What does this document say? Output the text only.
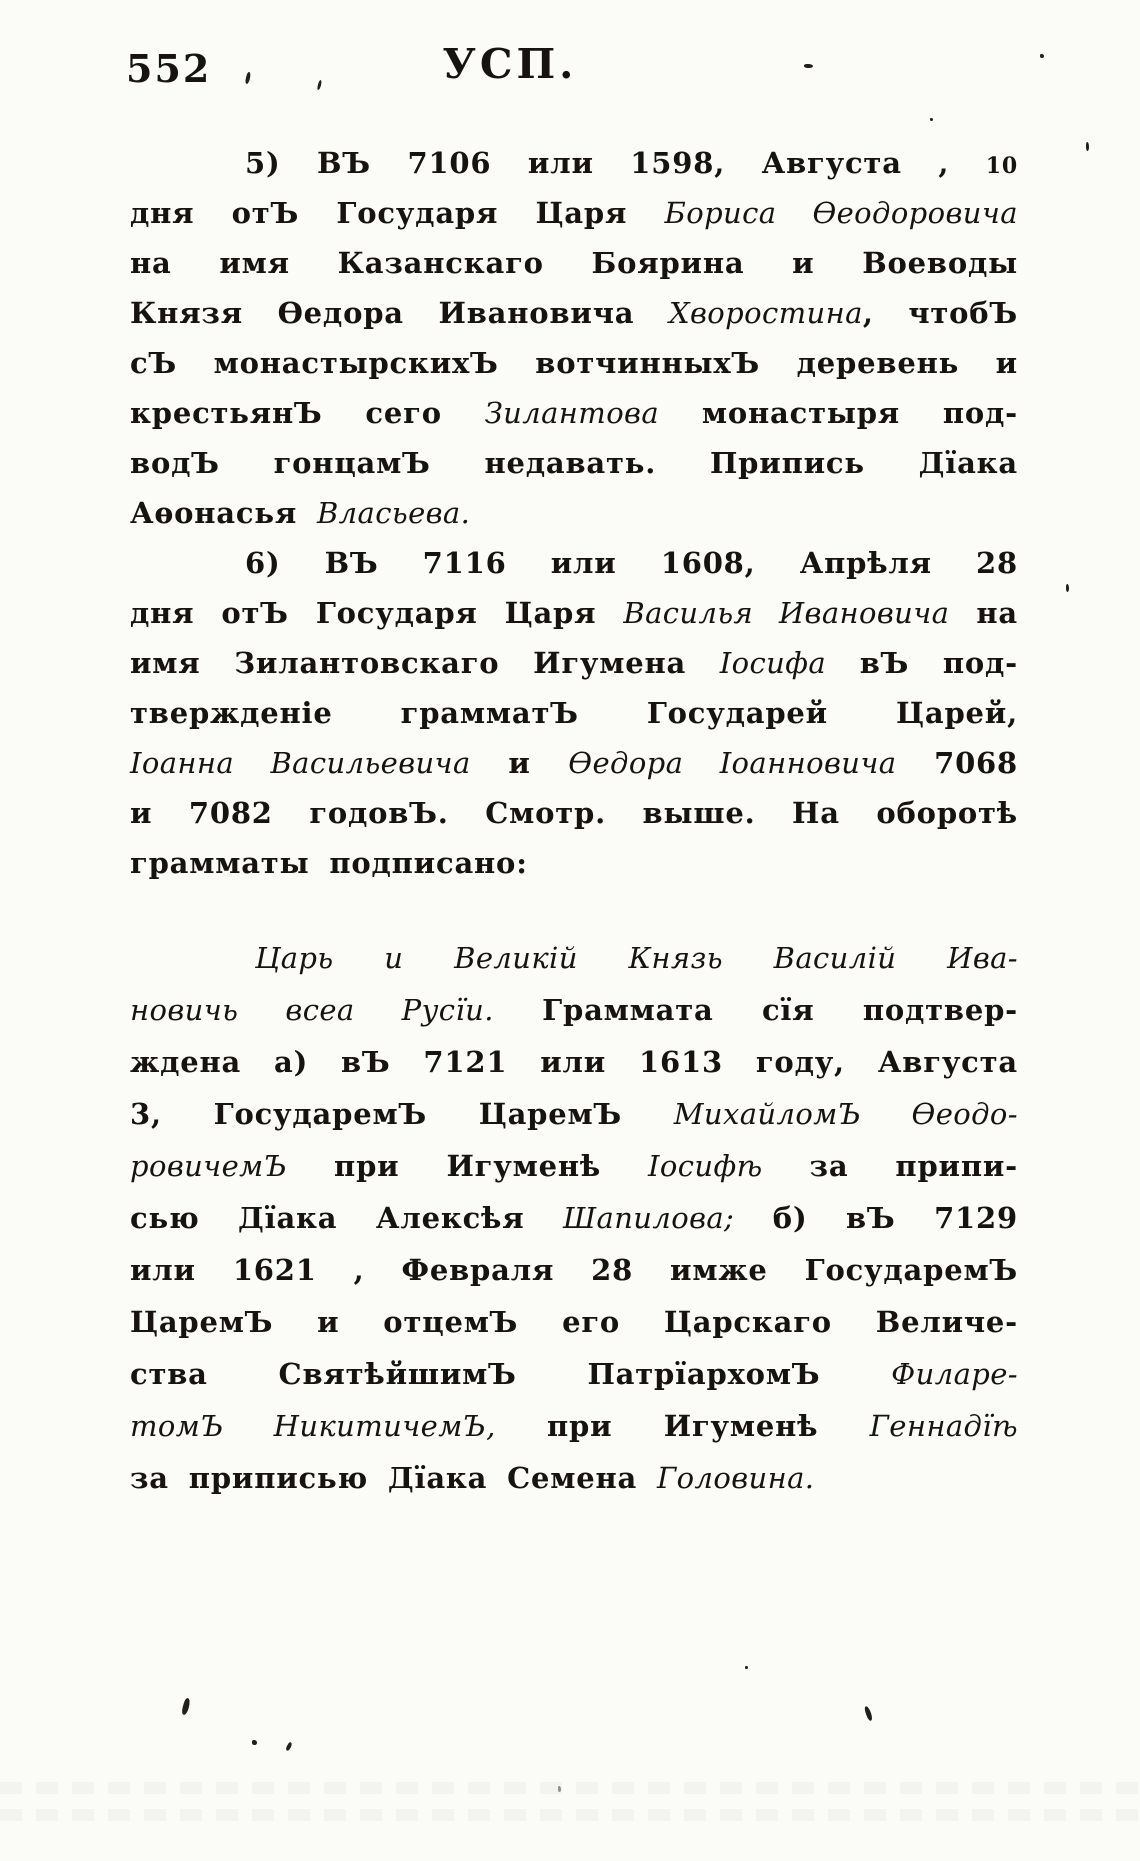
552	УСП.
5) ВЪ 7106 или 1598, Августа , 10
дня отЪ Государя Царя Бориса Ѳеодоровича
на имя Казанскаго Боярина и Воеводы
Князя Ѳедора Ивановича Хворостина, чтобЪ
сЪ монастырскихЪ вотчинныхЪ деревень и
крестьянЪ сего Зилантова монастыря под-
водЪ гонцамЪ недавать. Припись Дїака
Аѳонасья Власьева.
6) ВЪ 7116 или 1608, Апрѣля 28
дня отЪ Государя Царя Василья Ивановича на
имя Зилантовскаго Игумена Іосифа вЪ под-
твержденіе грамматЪ Государей Царей,
Іоанна Васильевича и Ѳедора Іоанновича 7068
и 7082 годовЪ. Смотр. выше. На оборотѣ
грамматы подписано:
Царь и Великій Князь Василій Ива-
новичь всеа Русїи. Граммата сїя подтвер-
ждена а) вЪ 7121 или 1613 году, Августа
3, ГосударемЪ ЦаремЪ МихайломЪ Ѳеодо-
ровичемЪ при Игуменѣ Іосифѣ за припи-
сью Дїака Алексѣя Шапилова; б) вЪ 7129
или 1621 , Февраля 28 имже ГосударемЪ
ЦаремЪ и отцемЪ его Царскаго Величе-
ства СвятѣйшимЪ ПатрїархомЪ Филаре-
томЪ НикитичемЪ, при Игуменѣ Геннадїѣ
за приписью Дїака Семена Головина.
